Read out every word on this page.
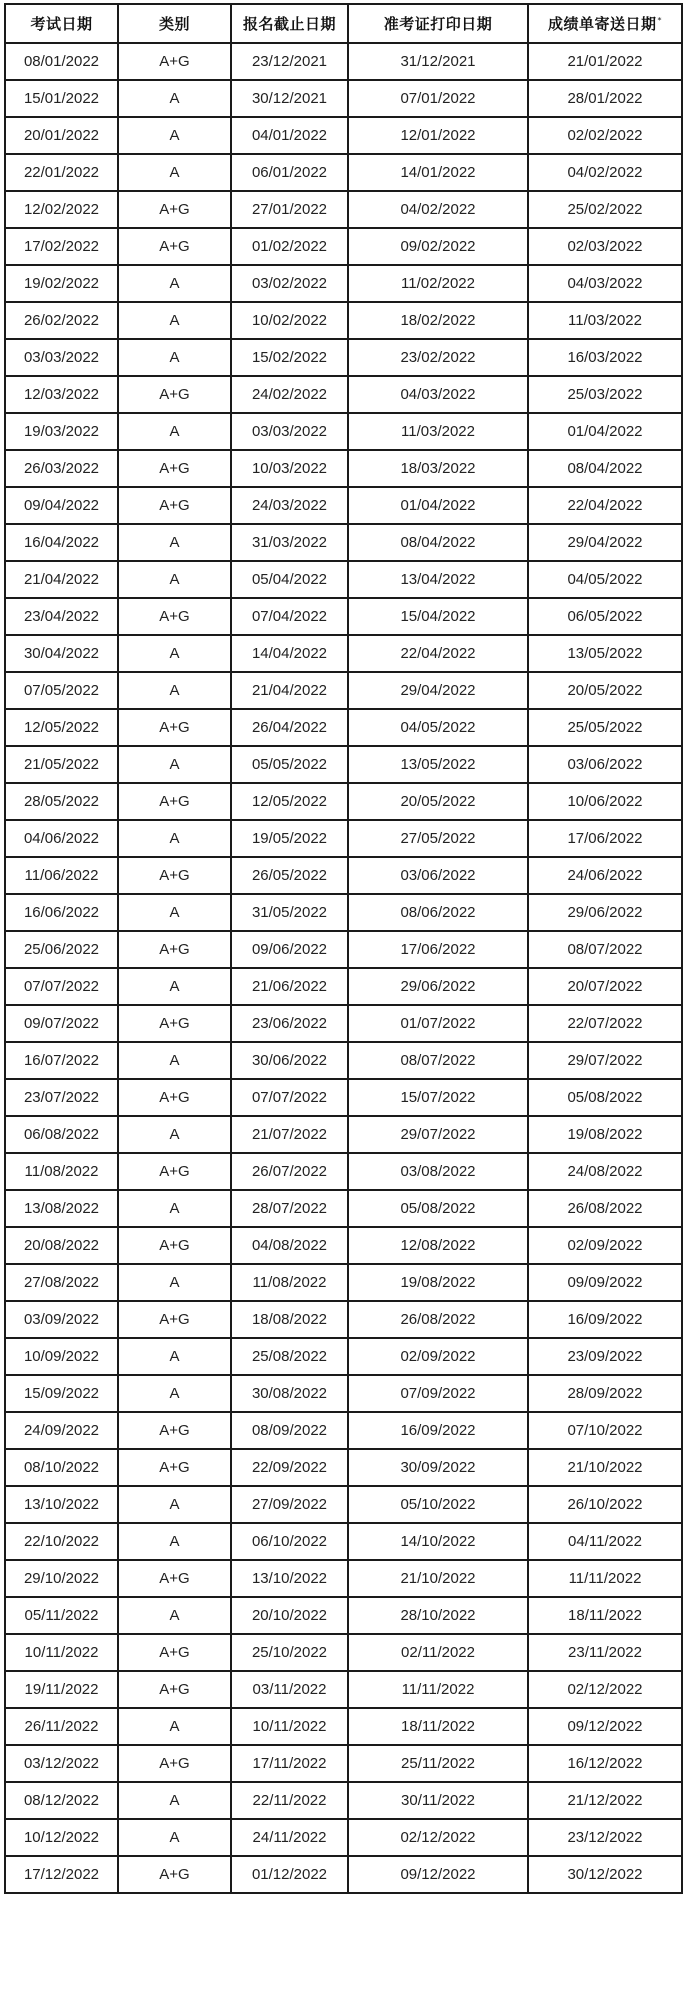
考试日期	类别	报名截止日期	准考证打印日期	成绩单寄送日期*
08/01/2022	A+G	23/12/2021	31/12/2021	21/01/2022
15/01/2022	A	30/12/2021	07/01/2022	28/01/2022
20/01/2022	A	04/01/2022	12/01/2022	02/02/2022
22/01/2022	A	06/01/2022	14/01/2022	04/02/2022
12/02/2022	A+G	27/01/2022	04/02/2022	25/02/2022
17/02/2022	A+G	01/02/2022	09/02/2022	02/03/2022
19/02/2022	A	03/02/2022	11/02/2022	04/03/2022
26/02/2022	A	10/02/2022	18/02/2022	11/03/2022
03/03/2022	A	15/02/2022	23/02/2022	16/03/2022
12/03/2022	A+G	24/02/2022	04/03/2022	25/03/2022
19/03/2022	A	03/03/2022	11/03/2022	01/04/2022
26/03/2022	A+G	10/03/2022	18/03/2022	08/04/2022
09/04/2022	A+G	24/03/2022	01/04/2022	22/04/2022
16/04/2022	A	31/03/2022	08/04/2022	29/04/2022
21/04/2022	A	05/04/2022	13/04/2022	04/05/2022
23/04/2022	A+G	07/04/2022	15/04/2022	06/05/2022
30/04/2022	A	14/04/2022	22/04/2022	13/05/2022
07/05/2022	A	21/04/2022	29/04/2022	20/05/2022
12/05/2022	A+G	26/04/2022	04/05/2022	25/05/2022
21/05/2022	A	05/05/2022	13/05/2022	03/06/2022
28/05/2022	A+G	12/05/2022	20/05/2022	10/06/2022
04/06/2022	A	19/05/2022	27/05/2022	17/06/2022
11/06/2022	A+G	26/05/2022	03/06/2022	24/06/2022
16/06/2022	A	31/05/2022	08/06/2022	29/06/2022
25/06/2022	A+G	09/06/2022	17/06/2022	08/07/2022
07/07/2022	A	21/06/2022	29/06/2022	20/07/2022
09/07/2022	A+G	23/06/2022	01/07/2022	22/07/2022
16/07/2022	A	30/06/2022	08/07/2022	29/07/2022
23/07/2022	A+G	07/07/2022	15/07/2022	05/08/2022
06/08/2022	A	21/07/2022	29/07/2022	19/08/2022
11/08/2022	A+G	26/07/2022	03/08/2022	24/08/2022
13/08/2022	A	28/07/2022	05/08/2022	26/08/2022
20/08/2022	A+G	04/08/2022	12/08/2022	02/09/2022
27/08/2022	A	11/08/2022	19/08/2022	09/09/2022
03/09/2022	A+G	18/08/2022	26/08/2022	16/09/2022
10/09/2022	A	25/08/2022	02/09/2022	23/09/2022
15/09/2022	A	30/08/2022	07/09/2022	28/09/2022
24/09/2022	A+G	08/09/2022	16/09/2022	07/10/2022
08/10/2022	A+G	22/09/2022	30/09/2022	21/10/2022
13/10/2022	A	27/09/2022	05/10/2022	26/10/2022
22/10/2022	A	06/10/2022	14/10/2022	04/11/2022
29/10/2022	A+G	13/10/2022	21/10/2022	11/11/2022
05/11/2022	A	20/10/2022	28/10/2022	18/11/2022
10/11/2022	A+G	25/10/2022	02/11/2022	23/11/2022
19/11/2022	A+G	03/11/2022	11/11/2022	02/12/2022
26/11/2022	A	10/11/2022	18/11/2022	09/12/2022
03/12/2022	A+G	17/11/2022	25/11/2022	16/12/2022
08/12/2022	A	22/11/2022	30/11/2022	21/12/2022
10/12/2022	A	24/11/2022	02/12/2022	23/12/2022
17/12/2022	A+G	01/12/2022	09/12/2022	30/12/2022
